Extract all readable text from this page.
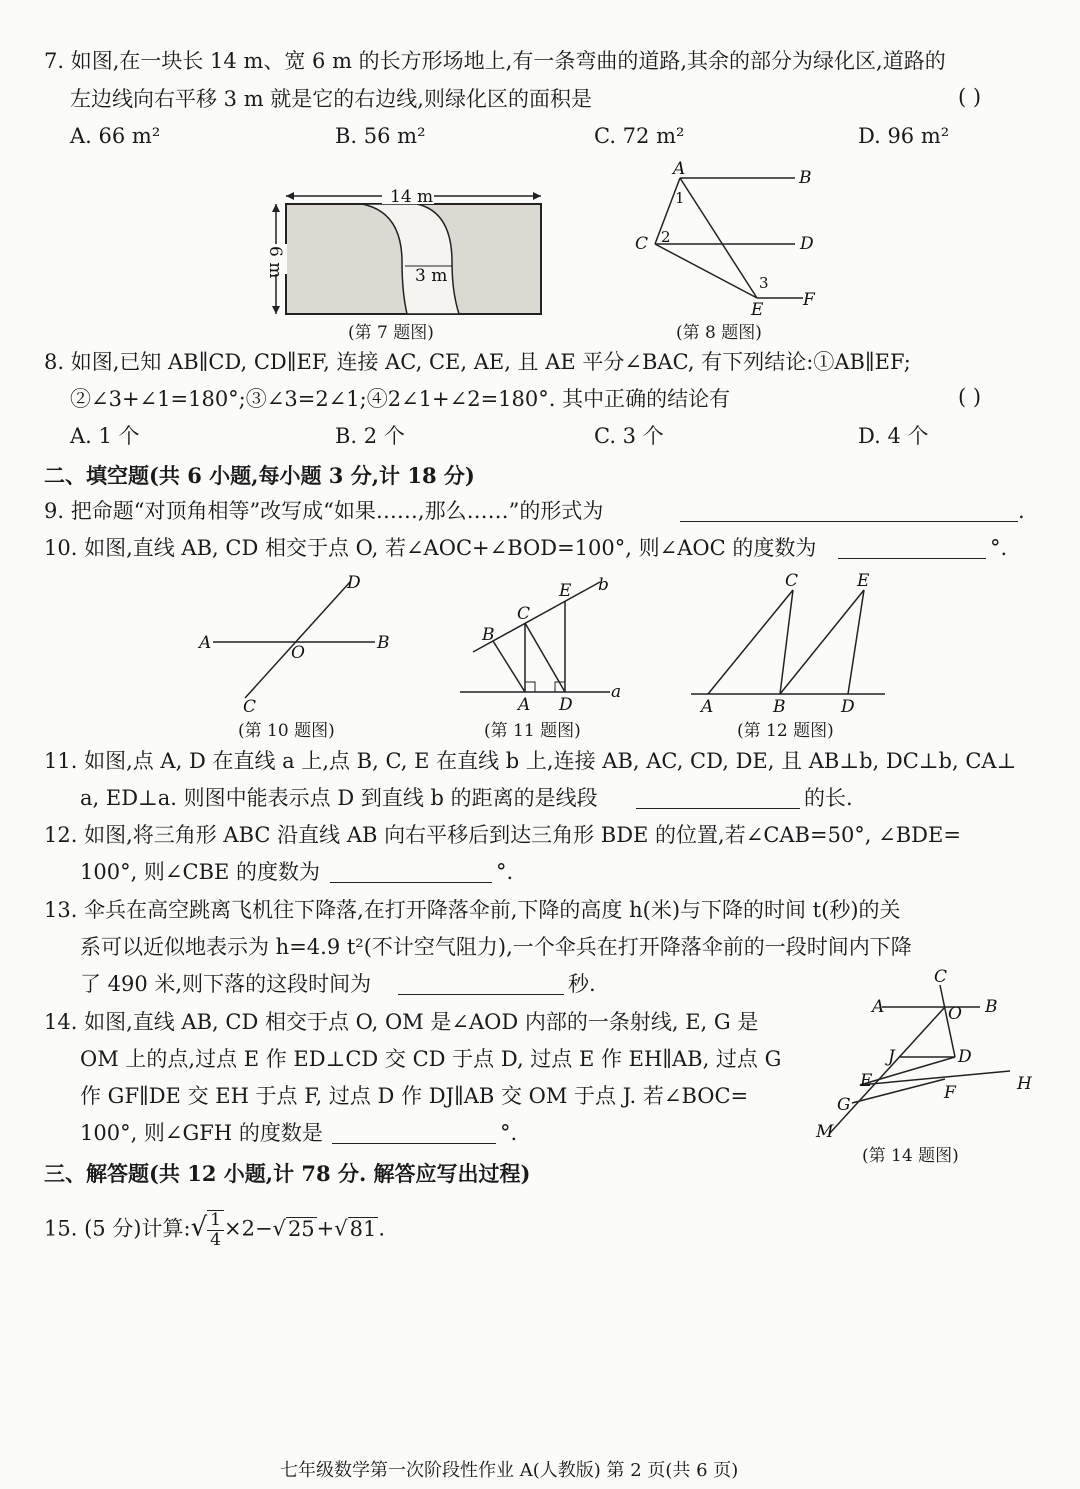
7. 如图,在一块长 14 m、宽 6 m 的长方形场地上,有一条弯曲的道路,其余的部分为绿化区,道路的
左边线向右平移 3 m 就是它的右边线,则绿化区的面积是	( )
A. 66 m²	B. 56 m²	C. 72 m²	D. 96 m²
14 m
6 m	3 m
(第 7 题图)
A	B
C	D
E F
1
2
3
(第 8 题图)
8. 如图,已知 AB∥CD, CD∥EF, 连接 AC, CE, AE, 且 AE 平分∠BAC, 有下列结论:①AB∥EF;
②∠3+∠1=180°;③∠3=2∠1;④2∠1+∠2=180°. 其中正确的结论有	( )
A. 1 个	B. 2 个	C. 3 个	D. 4 个
二、填空题(共 6 小题,每小题 3 分,计 18 分)
9. 把命题“对顶角相等”改写成“如果……,那么……”的形式为	.
10. 如图,直线 AB, CD 相交于点 O, 若∠AOC+∠BOD=100°, 则∠AOC 的度数为	°.
A	B
C
D
O
(第 10 题图)
B
C
E b
A D
a
(第 11 题图)
C	E
A	B	D
(第 12 题图)
11. 如图,点 A, D 在直线 a 上,点 B, C, E 在直线 b 上,连接 AB, AC, CD, DE, 且 AB⊥b, DC⊥b, CA⊥
a, ED⊥a. 则图中能表示点 D 到直线 b 的距离的是线段	的长.
12. 如图,将三角形 ABC 沿直线 AB 向右平移后到达三角形 BDE 的位置,若∠CAB=50°, ∠BDE=
100°, 则∠CBE 的度数为	°.
13. 伞兵在高空跳离飞机往下降落,在打开降落伞前,下降的高度 h(米)与下降的时间 t(秒)的关
系可以近似地表示为 h=4.9 t²(不计空气阻力),一个伞兵在打开降落伞前的一段时间内下降
了 490 米,则下落的这段时间为	秒.
14. 如图,直线 AB, CD 相交于点 O, OM 是∠AOD 内部的一条射线, E, G 是
OM 上的点,过点 E 作 ED⊥CD 交 CD 于点 D, 过点 E 作 EH∥AB, 过点 G
作 GF∥DE 交 EH 于点 F, 过点 D 作 DJ∥AB 交 OM 于点 J. 若∠BOC=
100°, 则∠GFH 的度数是	°.
C
A	B
O
J	D
E
F	H
G
M
(第 14 题图)
三、解答题(共 12 小题,计 78 分. 解答应写出过程)
15. (5 分)计算:√ $\frac{1}{4} \times 2-√25+√81$.
七年级数学第一次阶段性作业 A(人教版) 第 2 页(共 6 页)
